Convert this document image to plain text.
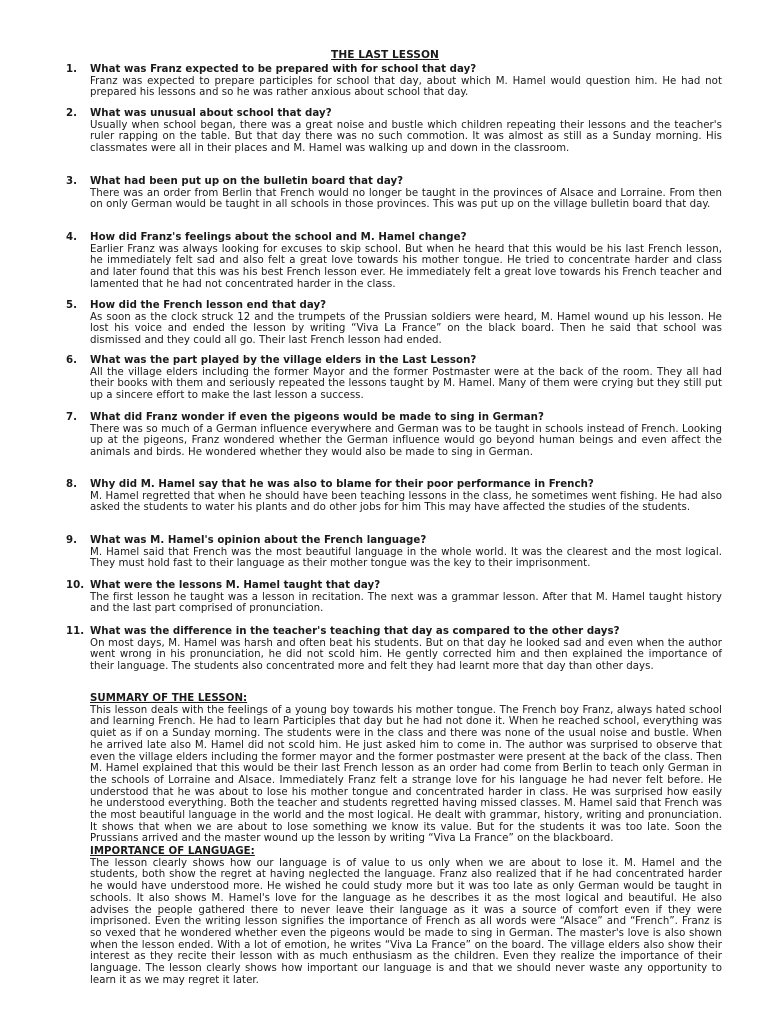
THE LAST LESSON
1.	What was Franz expected to be prepared with for school that day?
Franz was expected to prepare participles for school that day, about which M. Hamel would question him. He had not prepared his lessons and so he was rather anxious about school that day.
2.	What was unusual about school that day?
Usually when school began, there was a great noise and bustle which children repeating their lessons and the teacher's ruler rapping on the table. But that day there was no such commotion. It was almost as still as a Sunday morning. His classmates were all in their places and M. Hamel was walking up and down in the classroom.
3.	What had been put up on the bulletin board that day?
There was an order from Berlin that French would no longer be taught in the provinces of Alsace and Lorraine. From then on only German would be taught in all schools in those provinces. This was put up on the village bulletin board that day.
4.	How did Franz's feelings about the school and M. Hamel change?
Earlier Franz was always looking for excuses to skip school. But when he heard that this would be his last French lesson, he immediately felt sad and also felt a great love towards his mother tongue. He tried to concentrate harder and class and later found that this was his best French lesson ever. He immediately felt a great love towards his French teacher and lamented that he had not concentrated harder in the class.
5.	How did the French lesson end that day?
As soon as the clock struck 12 and the trumpets of the Prussian soldiers were heard, M. Hamel wound up his lesson. He lost his voice and ended the lesson by writing “Viva La France” on the black board. Then he said that school was dismissed and they could all go. Their last French lesson had ended.
6.	What was the part played by the village elders in the Last Lesson?
All the village elders including the former Mayor and the former Postmaster were at the back of the room. They all had their books with them and seriously repeated the lessons taught by M. Hamel. Many of them were crying but they still put up a sincere effort to make the last lesson a success.
7.	What did Franz wonder if even the pigeons would be made to sing in German?
There was so much of a German influence everywhere and German was to be taught in schools instead of French. Looking up at the pigeons, Franz wondered whether the German influence would go beyond human beings and even affect the animals and birds. He wondered whether they would also be made to sing in German.
8.	Why did M. Hamel say that he was also to blame for their poor performance in French?
M. Hamel regretted that when he should have been teaching lessons in the class, he sometimes went fishing. He had also asked the students to water his plants and do other jobs for him This may have affected the studies of the students.
9.	What was M. Hamel's opinion about the French language?
M. Hamel said that French was the most beautiful language in the whole world. It was the clearest and the most logical. They must hold fast to their language as their mother tongue was the key to their imprisonment.
10. What were the lessons M. Hamel taught that day?
The first lesson he taught was a lesson in recitation. The next was a grammar lesson. After that M. Hamel taught history and the last part comprised of pronunciation.
11. What was the difference in the teacher's teaching that day as compared to the other days?
On most days, M. Hamel was harsh and often beat his students. But on that day he looked sad and even when the author went wrong in his pronunciation, he did not scold him. He gently corrected him and then explained the importance of their language. The students also concentrated more and felt they had learnt more that day than other days.
SUMMARY OF THE LESSON:
This lesson deals with the feelings of a young boy towards his mother tongue. The French boy Franz, always hated school and learning French. He had to learn Participles that day but he had not done it. When he reached school, everything was quiet as if on a Sunday morning. The students were in the class and there was none of the usual noise and bustle. When he arrived late also M. Hamel did not scold him. He just asked him to come in. The author was surprised to observe that even the village elders including the former mayor and the former postmaster were present at the back of the class. Then M. Hamel explained that this would be their last French lesson as an order had come from Berlin to teach only German in the schools of Lorraine and Alsace. Immediately Franz felt a strange love for his language he had never felt before. He understood that he was about to lose his mother tongue and concentrated harder in class. He was surprised how easily he understood everything. Both the teacher and students regretted having missed classes. M. Hamel said that French was the most beautiful language in the world and the most logical. He dealt with grammar, history, writing and pronunciation. It shows that when we are about to lose something we know its value. But for the students it was too late. Soon the Prussians arrived and the master wound up the lesson by writing “Viva La France” on the blackboard.
IMPORTANCE OF LANGUAGE:
The lesson clearly shows how our language is of value to us only when we are about to lose it. M. Hamel and the students, both show the regret at having neglected the language. Franz also realized that if he had concentrated harder he would have understood more. He wished he could study more but it was too late as only German would be taught in schools. It also shows M. Hamel's love for the language as he describes it as the most logical and beautiful. He also advises the people gathered there to never leave their language as it was a source of comfort even if they were imprisoned. Even the writing lesson signifies the importance of French as all words were “Alsace” and “French”. Franz is so vexed that he wondered whether even the pigeons would be made to sing in German. The master's love is also shown when the lesson ended. With a lot of emotion, he writes “Viva La France” on the board. The village elders also show their interest as they recite their lesson with as much enthusiasm as the children. Even they realize the importance of their language. The lesson clearly shows how important our language is and that we should never waste any opportunity to learn it as we may regret it later.
